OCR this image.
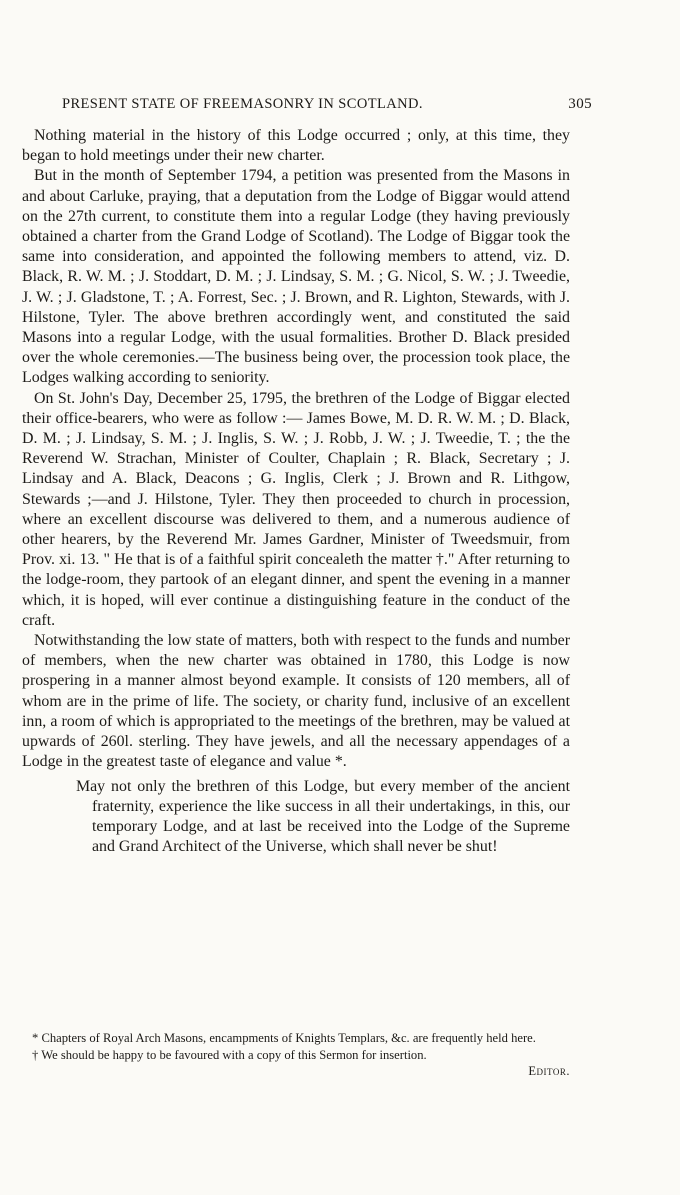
PRESENT STATE OF FREEMASONRY IN SCOTLAND.	305

Nothing material in the history of this Lodge occurred ; only, at this time, they began to hold meetings under their new charter.

But in the month of September 1794, a petition was presented from the Masons in and about Carluke, praying, that a deputation from the Lodge of Biggar would attend on the 27th current, to constitute them into a regular Lodge (they having previously obtained a charter from the Grand Lodge of Scotland). The Lodge of Biggar took the same into consideration, and appointed the following members to attend, viz. D. Black, R. W. M. ; J. Stoddart, D. M. ; J. Lindsay, S. M. ; G. Nicol, S. W. ; J. Tweedie, J. W. ; J. Gladstone, T. ; A. Forrest, Sec. ; J. Brown, and R. Lighton, Stewards, with J. Hilstone, Tyler. The above brethren accordingly went, and constituted the said Masons into a regular Lodge, with the usual formalities. Brother D. Black presided over the whole ceremonies.—The business being over, the procession took place, the Lodges walking according to seniority.

On St. John's Day, December 25, 1795, the brethren of the Lodge of Biggar elected their office-bearers, who were as follow :— James Bowe, M. D. R. W. M. ; D. Black, D. M. ; J. Lindsay, S. M. ; J. Inglis, S. W. ; J. Robb, J. W. ; J. Tweedie, T. ; the the Reverend W. Strachan, Minister of Coulter, Chaplain ; R. Black, Secretary ; J. Lindsay and A. Black, Deacons ; G. Inglis, Clerk ; J. Brown and R. Lithgow, Stewards ;—and J. Hilstone, Tyler. They then proceeded to church in procession, where an excellent discourse was delivered to them, and a numerous audience of other hearers, by the Reverend Mr. James Gardner, Minister of Tweedsmuir, from Prov. xi. 13. " He that is of a faithful spirit concealeth the matter †." After returning to the lodge-room, they partook of an elegant dinner, and spent the evening in a manner which, it is hoped, will ever continue a distinguishing feature in the conduct of the craft.

Notwithstanding the low state of matters, both with respect to the funds and number of members, when the new charter was obtained in 1780, this Lodge is now prospering in a manner almost beyond example. It consists of 120 members, all of whom are in the prime of life. The society, or charity fund, inclusive of an excellent inn, a room of which is appropriated to the meetings of the brethren, may be valued at upwards of 260l. sterling. They have jewels, and all the necessary appendages of a Lodge in the greatest taste of elegance and value *.

May not only the brethren of this Lodge, but every member of the ancient fraternity, experience the like success in all their undertakings, in this, our temporary Lodge, and at last be received into the Lodge of the Supreme and Grand Architect of the Universe, which shall never be shut!

* Chapters of Royal Arch Masons, encampments of Knights Templars, &c. are frequently held here.

† We should be happy to be favoured with a copy of this Sermon for insertion.

Editor.
